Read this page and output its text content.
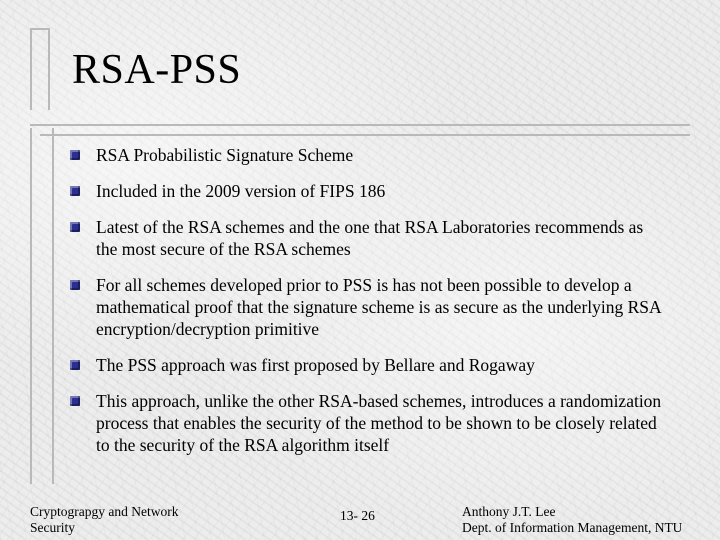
RSA-PSS
RSA Probabilistic Signature Scheme
Included in the 2009 version of FIPS 186
Latest of the RSA schemes and the one that RSA Laboratories recommends as the most secure of the RSA schemes
For all schemes developed prior to PSS is has not been possible to develop a mathematical proof that the signature scheme is as secure as the underlying RSA encryption/decryption primitive
The PSS approach was first proposed by Bellare and Rogaway
This approach, unlike the other RSA-based schemes, introduces a randomization process that enables the security of the method to be shown to be closely related to the security of the RSA algorithm itself
Cryptograpgy and Network Security
13- 26	Anthony J.T. Lee
Dept. of Information Management, NTU
